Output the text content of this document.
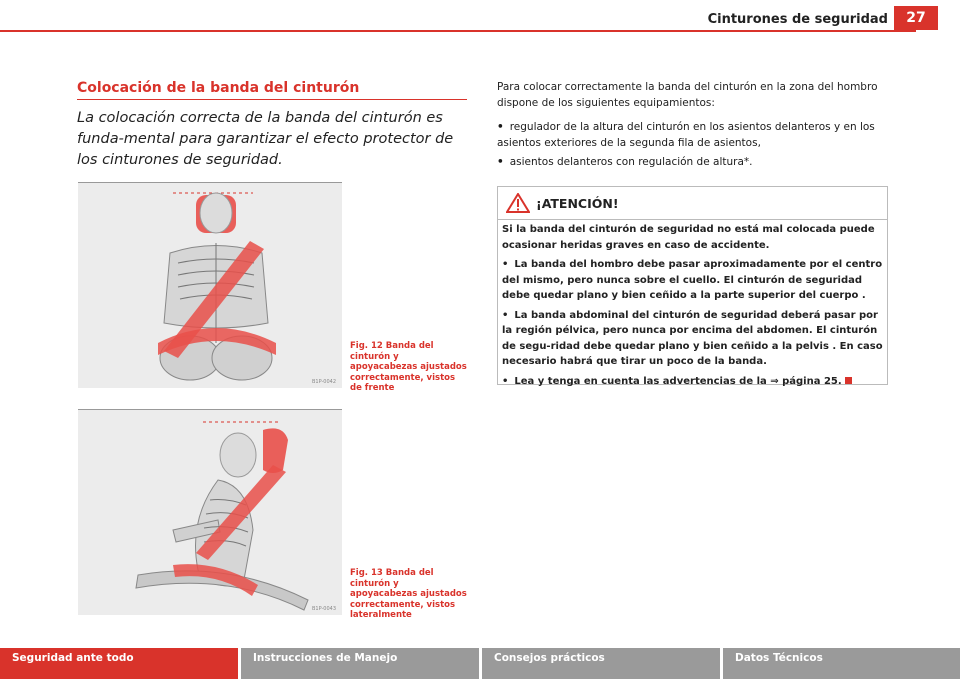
Cinturones de seguridad	27
Colocación de la banda del cinturón
La colocación correcta de la banda del cinturón es funda-mental para garantizar el efecto protector de los cinturones de seguridad.
B1P-0042
Fig. 12 Banda del cinturón y apoyacabezas ajustados correctamente, vistos de frente
B1P-0043
Fig. 13 Banda del cinturón y apoyacabezas ajustados correctamente, vistos lateralmente
Para colocar correctamente la banda del cinturón en la zona del hombro dispone de los siguientes equipamientos:
• regulador de la altura del cinturón en los asientos delanteros y en los asientos exteriores de la segunda fila de asientos,
• asientos delanteros con regulación de altura*.
¡ATENCIÓN!

Si la banda del cinturón de seguridad no está mal colocada puede ocasionar heridas graves en caso de accidente.

• La banda del hombro debe pasar aproximadamente por el centro del mismo, pero nunca sobre el cuello. El cinturón de seguridad debe quedar plano y bien ceñido a la parte superior del cuerpo .

• La banda abdominal del cinturón de seguridad deberá pasar por la región pélvica, pero nunca por encima del abdomen. El cinturón de segu-ridad debe quedar plano y bien ceñido a la pelvis . En caso necesario habrá que tirar un poco de la banda.

• Lea y tenga en cuenta las advertencias de la ⇒ página 25.

Seguridad ante todo	Instrucciones de Manejo	Consejos prácticos	Datos Técnicos
